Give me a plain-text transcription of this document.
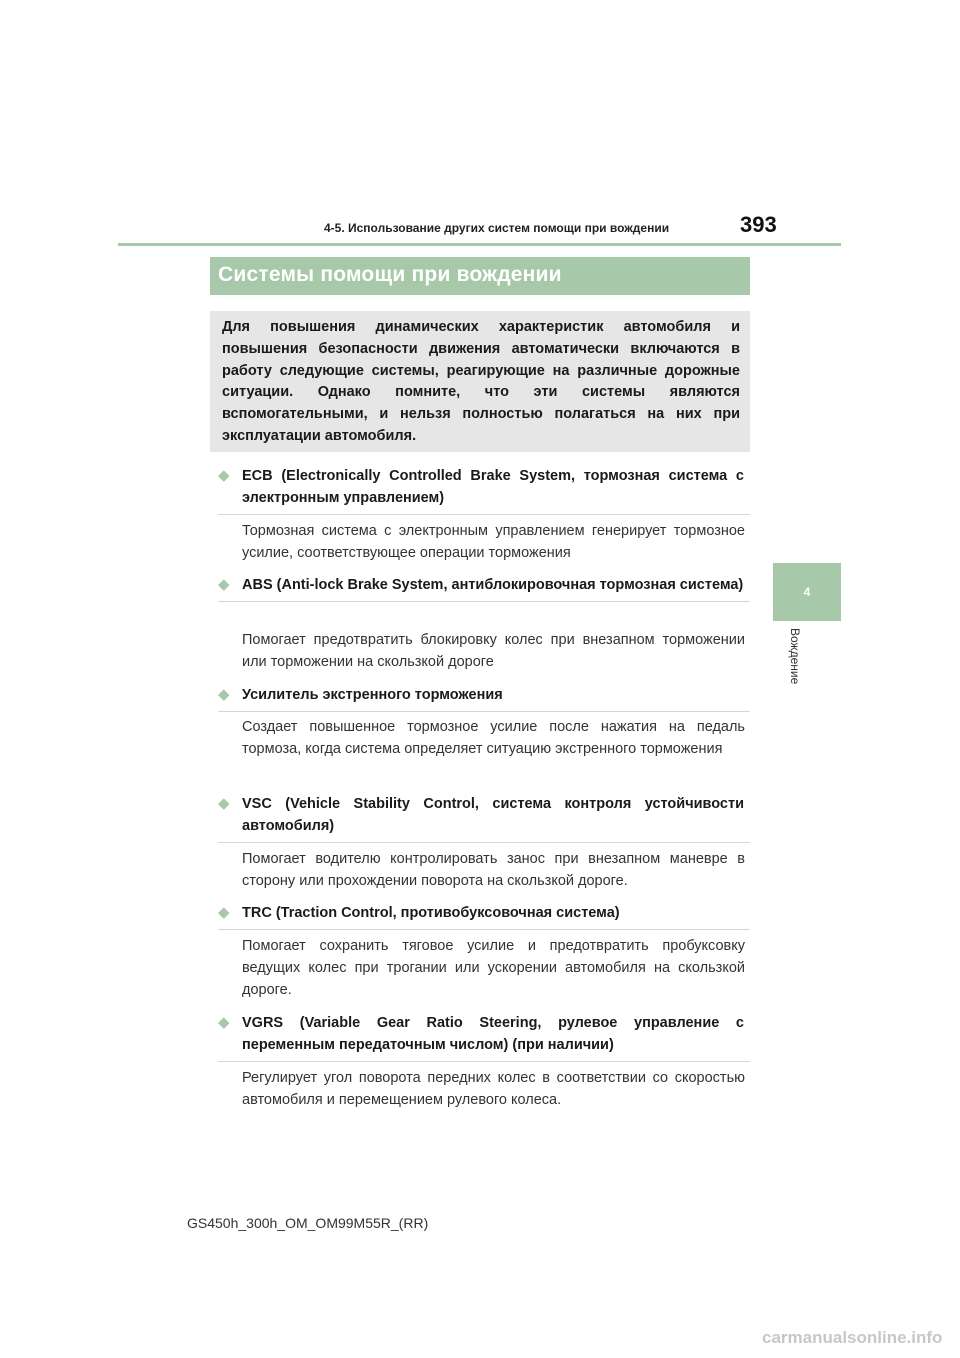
4-5. Использование других систем помощи при вождении	393
4
Вождение
Системы помощи при вождении

Для повышения динамических характеристик автомобиля и повышения безопасности движения автоматически включаются в работу следующие системы, реагирующие на различные дорожные ситуации. Однако помните, что эти системы являются вспомогательными, и нельзя полностью полагаться на них при эксплуатации автомобиля.

◆ ECB (Electronically Controlled Brake System, тормозная система с электронным управлением)

Тормозная система с электронным управлением генерирует тормозное усилие, соответствующее операции торможения

◆ ABS (Anti-lock Brake System, антиблокировочная тормозная система)

Помогает предотвратить блокировку колес при внезапном торможении или торможении на скользкой дороге

◆ Усилитель экстренного торможения

Создает повышенное тормозное усилие после нажатия на педаль тормоза, когда система определяет ситуацию экстренного торможения

◆ VSC (Vehicle Stability Control, система контроля устойчивости автомобиля)

Помогает водителю контролировать занос при внезапном маневре в сторону или прохождении поворота на скользкой дороге.

◆ TRC (Traction Control, противобуксовочная система)

Помогает сохранить тяговое усилие и предотвратить пробуксовку ведущих колес при трогании или ускорении автомобиля на скользкой дороге.

◆ VGRS (Variable Gear Ratio Steering, рулевое управление с переменным передаточным числом) (при наличии)

Регулирует угол поворота передних колес в соответствии со скоростью автомобиля и перемещением рулевого колеса.

GS450h_300h_OM_OM99M55R_(RR)
carmanualsonline.info
